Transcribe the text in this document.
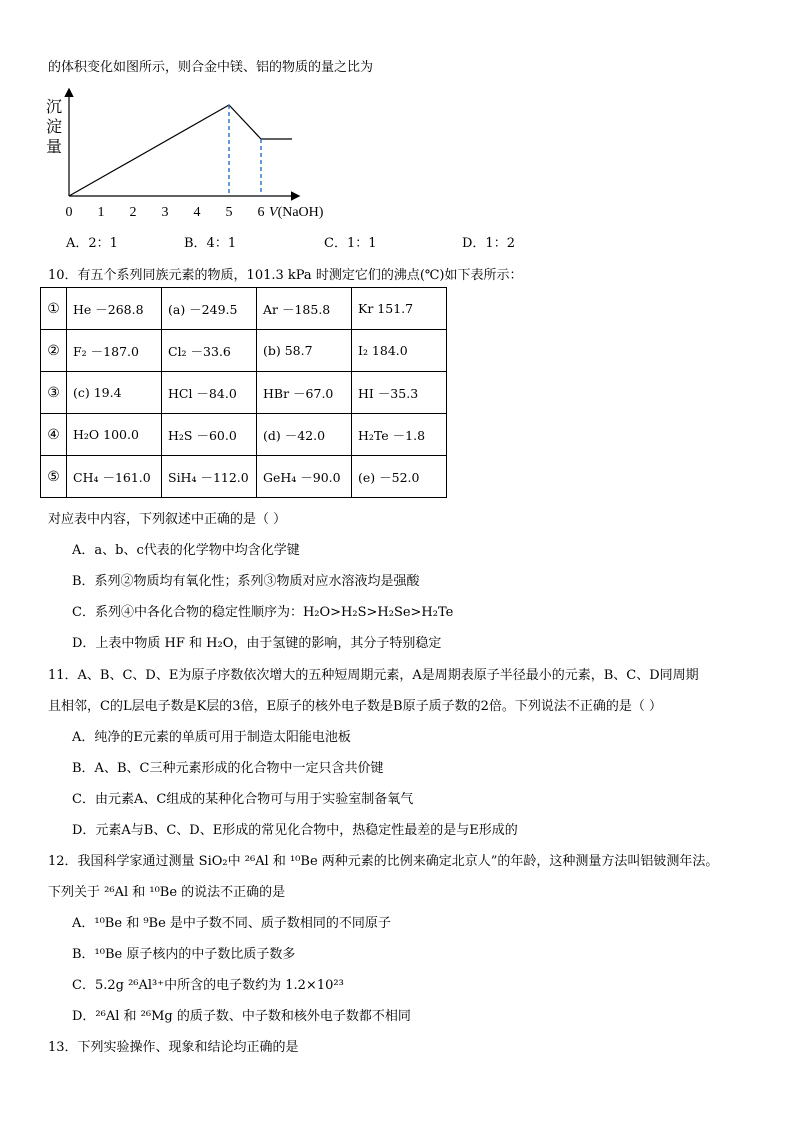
的体积变化如图所示，则合金中镁、铝的物质的量之比为
沉
淀
量
0 1 2 3 4 5 6 V(NaOH)
A．2：1	B．4：1	C．1：1	D．1：2
10．有五个系列同族元素的物质，101.3 kPa 时测定它们的沸点(℃)如下表所示：
①	He －268.8	(a) －249.5	Ar －185.8	Kr 151.7
②	F₂ －187.0	Cl₂ －33.6	(b) 58.7	I₂ 184.0
③	(c) 19.4	HCl －84.0	HBr －67.0	HI －35.3
④	H₂O 100.0	H₂S －60.0	(d) －42.0	H₂Te －1.8
⑤	CH₄ －161.0	SiH₄ －112.0	GeH₄ －90.0	(e) －52.0
对应表中内容，下列叙述中正确的是（ ）
A．a、b、c代表的化学物中均含化学键
B．系列②物质均有氧化性；系列③物质对应水溶液均是强酸
C．系列④中各化合物的稳定性顺序为：H₂O>H₂S>H₂Se>H₂Te
D．上表中物质 HF 和 H₂O，由于氢键的影响，其分子特别稳定
11．A、B、C、D、E为原子序数依次增大的五种短周期元素，A是周期表原子半径最小的元素，B、C、D同周期
且相邻，C的L层电子数是K层的3倍，E原子的核外电子数是B原子质子数的2倍。下列说法不正确的是（ ）
A．纯净的E元素的单质可用于制造太阳能电池板
B．A、B、C三种元素形成的化合物中一定只含共价键
C．由元素A、C组成的某种化合物可与用于实验室制备氧气
D．元素A与B、C、D、E形成的常见化合物中，热稳定性最差的是与E形成的
12．我国科学家通过测量 SiO₂中 ²⁶Al 和 ¹⁰Be 两种元素的比例来确定北京人”的年龄，这种测量方法叫铝铍测年法。
下列关于 ²⁶Al 和 ¹⁰Be 的说法不正确的是
A．¹⁰Be 和 ⁹Be 是中子数不同、质子数相同的不同原子
B．¹⁰Be 原子核内的中子数比质子数多
C．5.2g ²⁶Al³⁺中所含的电子数约为 1.2×10²³
D．²⁶Al 和 ²⁶Mg 的质子数、中子数和核外电子数都不相同
13．下列实验操作、现象和结论均正确的是
